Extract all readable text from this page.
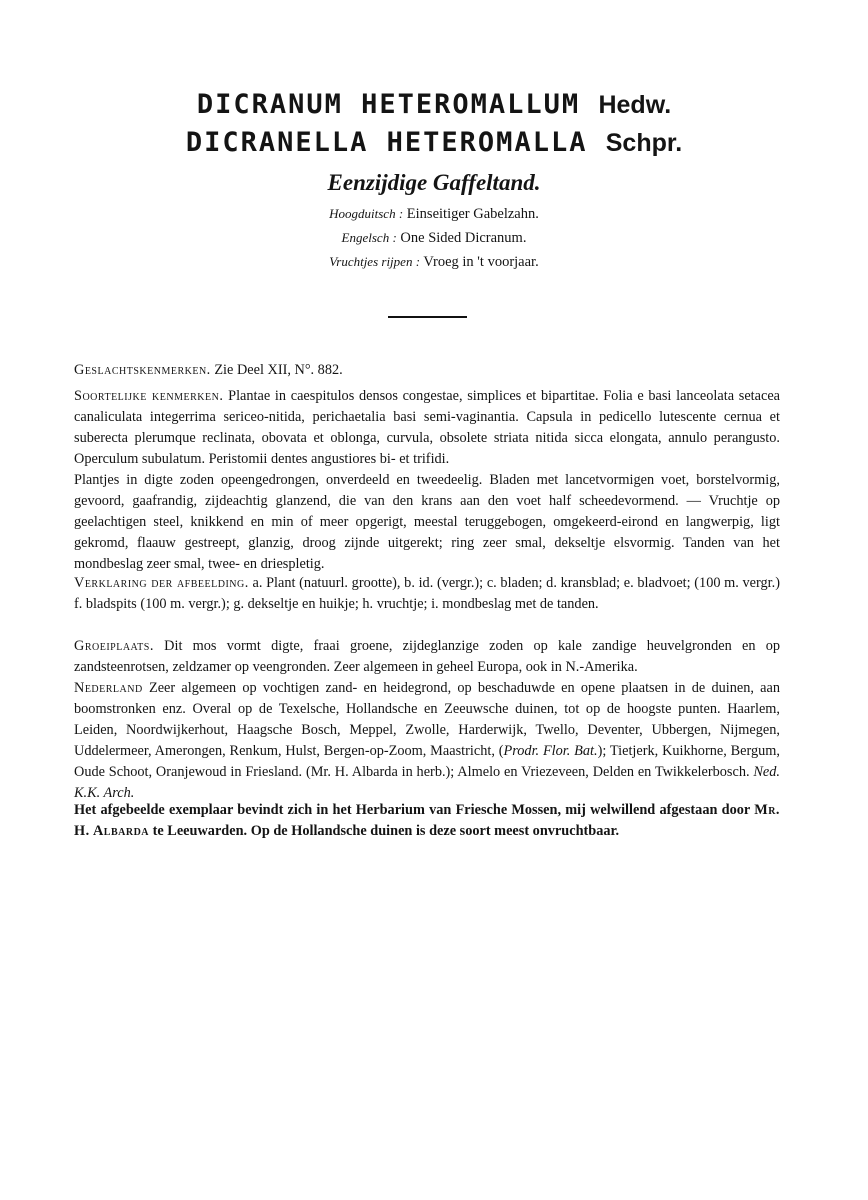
DICRANUM HETEROMALLUM Hedw.
DICRANELLA HETEROMALLA Schpr.
Eenzijdige Gaffeltand.
Hoogduitsch : Einseitiger Gabelzahn.
Engelsch : One Sided Dicranum.
Vruchtjes rijpen : Vroeg in 't voorjaar.

Geslachtskenmerken. Zie Deel XII, N°. 882.

Soortelijke kenmerken. Plantae in caespitulos densos congestae, simplices et bipartitae. Folia e basi lanceolata setacea canaliculata integerrima sericeo-nitida, perichaetalia basi semi-vaginantia. Capsula in pedicello lutescente cernua et suberecta plerumque reclinata, obovata et oblonga, curvula, obsolete striata nitida sicca elongata, annulo perangusto. Operculum subulatum. Peristomii dentes angustiores bi- et trifidi.

Plantjes in digte zoden opeengedrongen, onverdeeld en tweedeelig. Bladen met lancetvormigen voet, borstelvormig, gevoord, gaafrandig, zijdeachtig glanzend, die van den krans aan den voet half scheedevormend. — Vruchtje op geelachtigen steel, knikkend en min of meer opgerigt, meestal teruggebogen, omgekeerd-eirond en langwerpig, ligt gekromd, flaauw gestreept, glanzig, droog zijnde uitgerekt; ring zeer smal, dekseltje elsvormig. Tanden van het mondbeslag zeer smal, twee- en driespletig.

Verklaring der afbeelding. a. Plant (natuurl. grootte), b. id. (vergr.); c. bladen; d. kransblad; e. bladvoet; (100 m. vergr.) f. bladspits (100 m. vergr.); g. dekseltje en huikje; h. vruchtje; i. mondbeslag met de tanden.

Groeiplaats. Dit mos vormt digte, fraai groene, zijdeglanzige zoden op kale zandige heuvelgronden en op zandsteenrotsen, zeldzamer op veengronden. Zeer algemeen in geheel Europa, ook in N.-Amerika.

Nederland Zeer algemeen op vochtigen zand- en heidegrond, op beschaduwde en opene plaatsen in de duinen, aan boomstronken enz. Overal op de Texelsche, Hollandsche en Zeeuwsche duinen, tot op de hoogste punten. Haarlem, Leiden, Noordwijkerhout, Haagsche Bosch, Meppel, Zwolle, Harderwijk, Twello, Deventer, Ubbergen, Nijmegen, Uddelermeer, Amerongen, Renkum, Hulst, Bergen-op-Zoom, Maastricht, (Prodr. Flor. Bat.); Tietjerk, Kuikhorne, Bergum, Oude Schoot, Oranjewoud in Friesland. (Mr. H. Albarda in herb.); Almelo en Vriezeveen, Delden en Twikkelerbosch. Ned. K.K. Arch.

Het afgebeelde exemplaar bevindt zich in het Herbarium van Friesche Mossen, mij welwillend afgestaan door Mr. H. Albarda te Leeuwarden. Op de Hollandsche duinen is deze soort meest onvruchtbaar.
